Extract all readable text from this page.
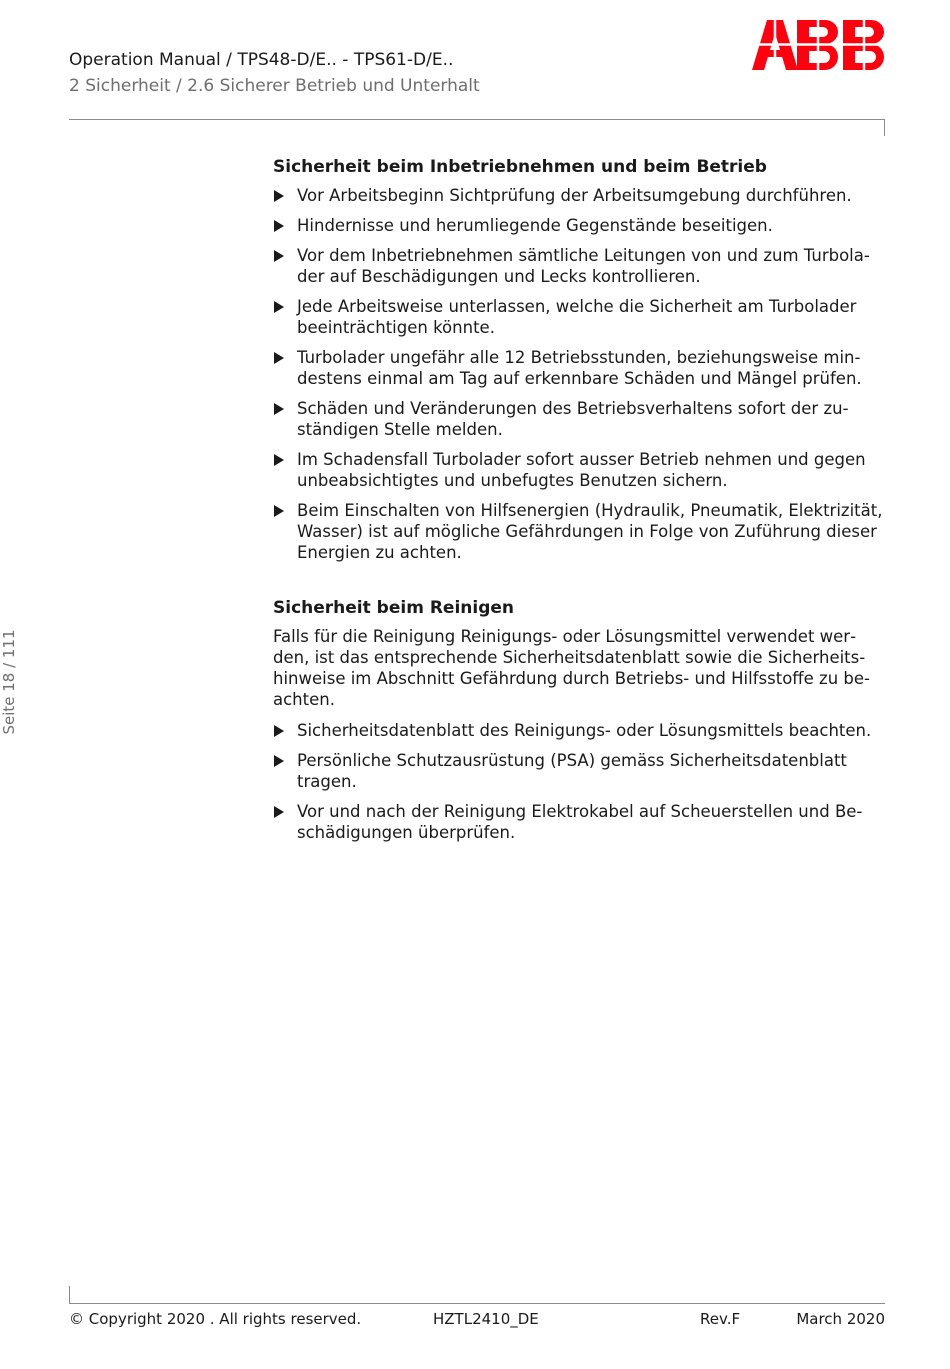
Operation Manual / TPS48-D/E.. - TPS61-D/E..
2 Sicherheit / 2.6 Sicherer Betrieb und Unterhalt
Seite 18 / 111
Sicherheit beim Inbetriebnehmen und beim Betrieb
Vor Arbeitsbeginn Sichtprüfung der Arbeitsumgebung durchführen.
Hindernisse und herumliegende Gegenstände beseitigen.
Vor dem Inbetriebnehmen sämtliche Leitungen von und zum Turbolader auf Beschädigungen und Lecks kontrollieren.
Jede Arbeitsweise unterlassen, welche die Sicherheit am Turbolader beeinträchtigen könnte.
Turbolader ungefähr alle 12 Betriebsstunden, beziehungsweise mindestens einmal am Tag auf erkennbare Schäden und Mängel prüfen.
Schäden und Veränderungen des Betriebsverhaltens sofort der zuständigen Stelle melden.
Im Schadensfall Turbolader sofort ausser Betrieb nehmen und gegen unbeabsichtigtes und unbefugtes Benutzen sichern.
Beim Einschalten von Hilfsenergien (Hydraulik, Pneumatik, Elektrizität, Wasser) ist auf mögliche Gefährdungen in Folge von Zuführung dieser Energien zu achten.
Sicherheit beim Reinigen

Falls für die Reinigung Reinigungs- oder Lösungsmittel verwendet werden, ist das entsprechende Sicherheitsdatenblatt sowie die Sicherheitshinweise im Abschnitt Gefährdung durch Betriebs- und Hilfsstoffe zu beachten.

Sicherheitsdatenblatt des Reinigungs- oder Lösungsmittels beachten.
Persönliche Schutzausrüstung (PSA) gemäss Sicherheitsdatenblatt tragen.
Vor und nach der Reinigung Elektrokabel auf Scheuerstellen und Beschädigungen überprüfen.
© Copyright 2020 . All rights reserved.	HZTL2410_DE	Rev.F	March 2020
